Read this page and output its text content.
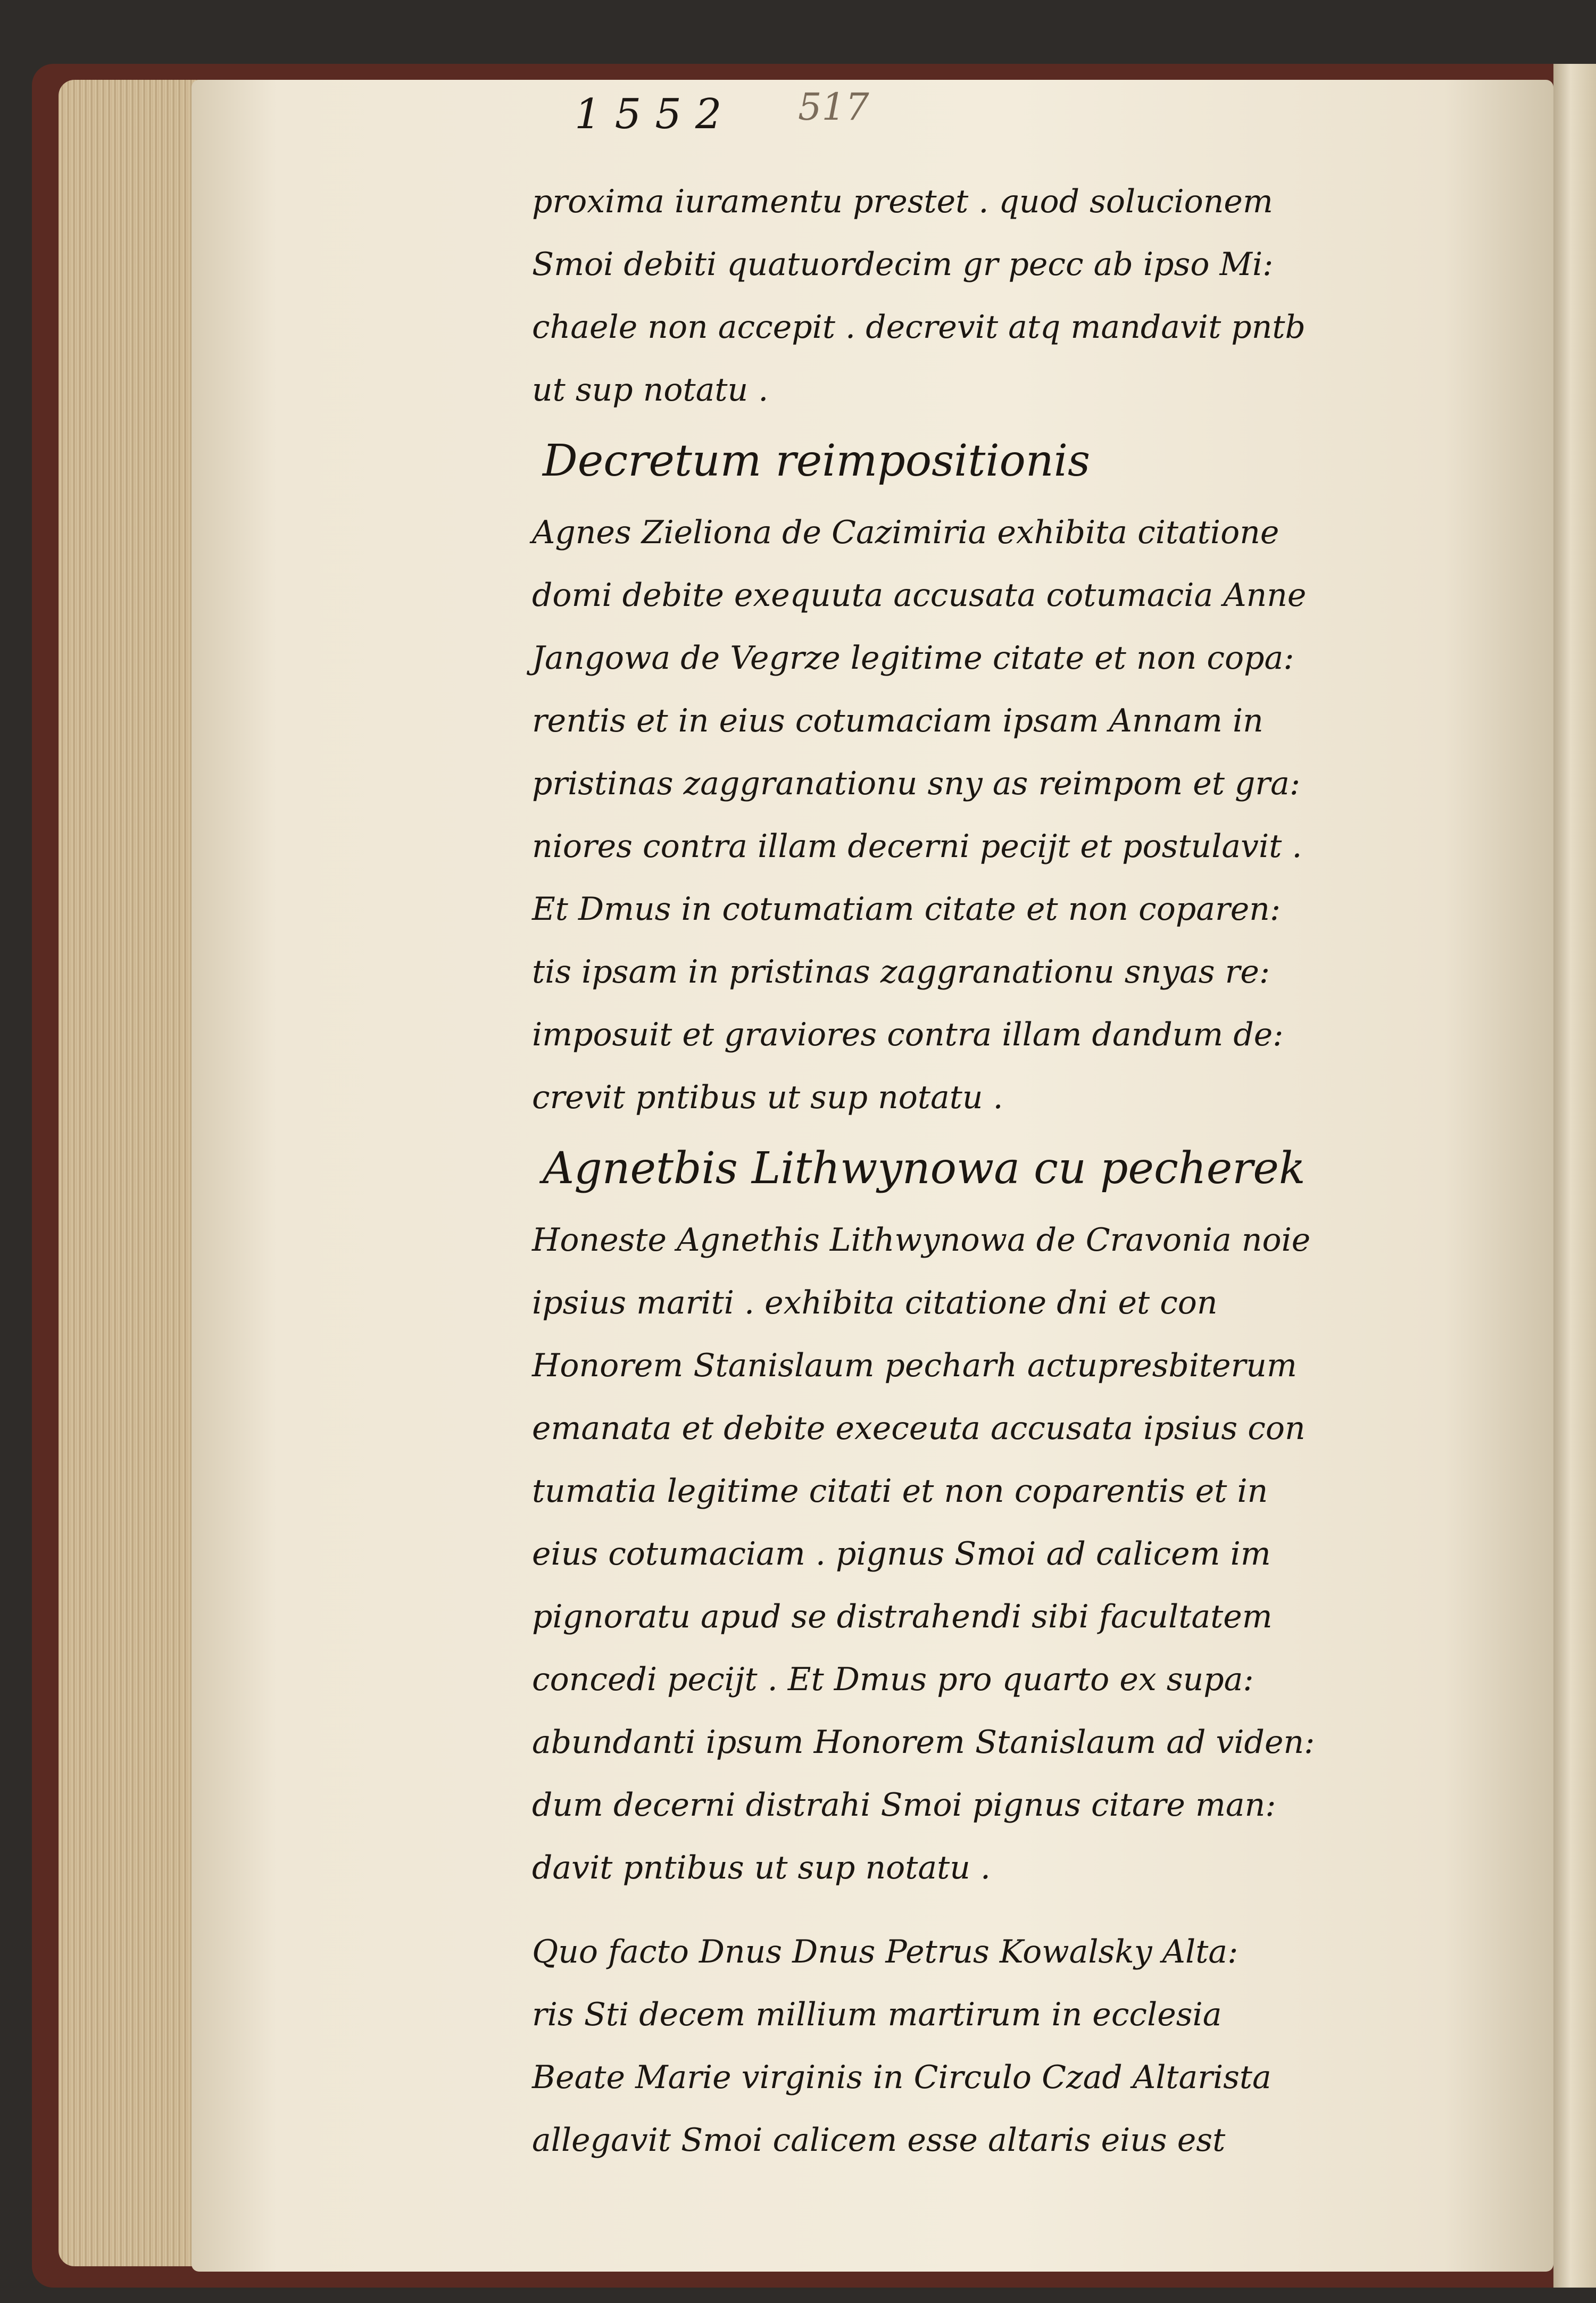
1552 517
proxima iuramentu prestet . quod solucionem
Smoi debiti quatuordecim gr pecc ab ipso Mi:
chaele non accepit . decrevit atq mandavit pntb
ut sup notatu .
Decretum reimpositionis
Agnes Zieliona de Cazimiria exhibita citatione
domi debite exequuta accusata cotumacia Anne
Jangowa de Vegrze legitime citate et non copa:
rentis et in eius cotumaciam ipsam Annam in
pristinas zaggranationu sny as reimpom et gra:
niores contra illam decerni pecijt et postulavit .
Et Dmus in cotumatiam citate et non coparen:
tis ipsam in pristinas zaggranationu snyas re:
imposuit et graviores contra illam dandum de:
crevit pntibus ut sup notatu .
Agnetbis Lithwynowa cu pecherek
Honeste Agnethis Lithwynowa de Cravonia noie
ipsius mariti . exhibita citatione dni et con
Honorem Stanislaum pecharh actupresbiterum
emanata et debite execeuta accusata ipsius con
tumatia legitime citati et non coparentis et in
eius cotumaciam . pignus Smoi ad calicem im
pignoratu apud se distrahendi sibi facultatem
concedi pecijt . Et Dmus pro quarto ex supa:
abundanti ipsum Honorem Stanislaum ad viden:
dum decerni distrahi Smoi pignus citare man:
davit pntibus ut sup notatu .
Quo facto Dnus Dnus Petrus Kowalsky Alta:
ris Sti decem millium martirum in ecclesia
Beate Marie virginis in Circulo Czad Altarista
allegavit Smoi calicem esse altaris eius est
